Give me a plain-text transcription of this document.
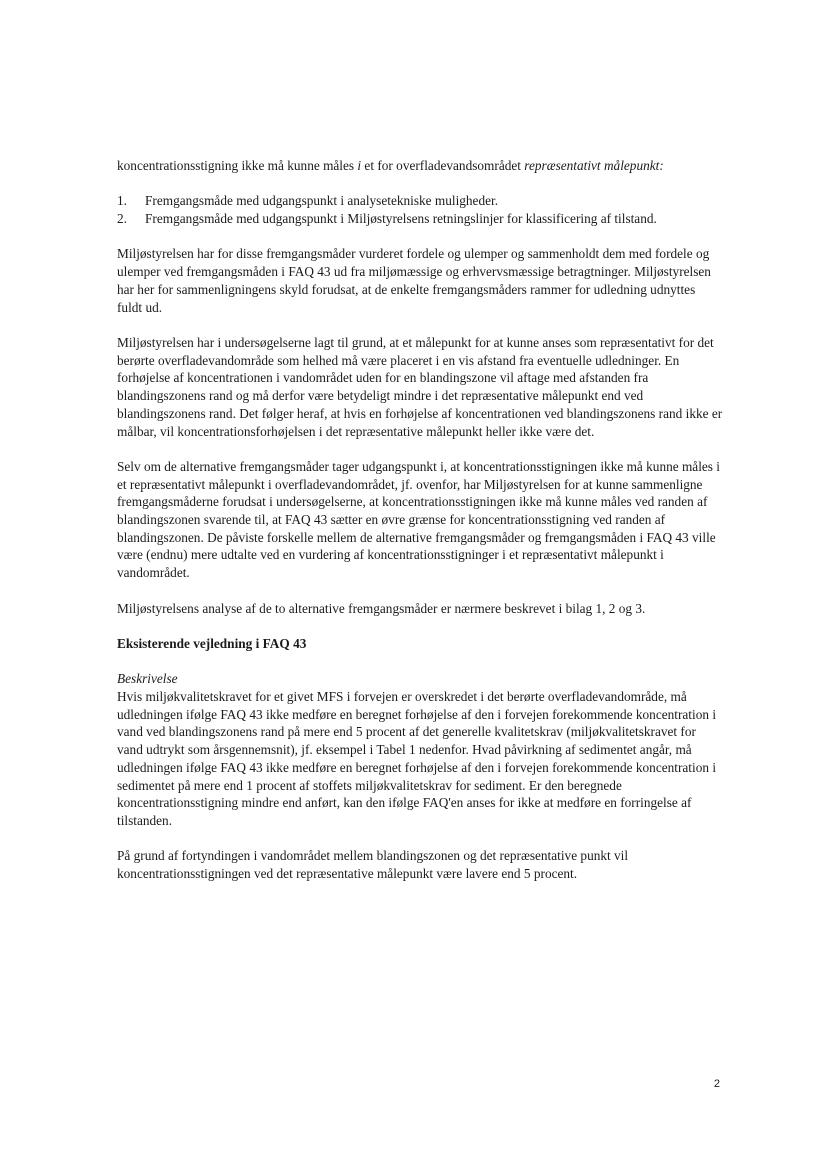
koncentrationsstigning ikke må kunne måles i et for overfladevandsområdet repræsentativt målepunkt:

1.	Fremgangsmåde med udgangspunkt i analysetekniske muligheder.
2.	Fremgangsmåde med udgangspunkt i Miljøstyrelsens retningslinjer for klassificering af tilstand.

Miljøstyrelsen har for disse fremgangsmåder vurderet fordele og ulemper og sammenholdt dem med fordele og ulemper ved fremgangsmåden i FAQ 43 ud fra miljømæssige og erhvervsmæssige betragtninger. Miljøstyrelsen har her for sammenligningens skyld forudsat, at de enkelte fremgangsmåders rammer for udledning udnyttes fuldt ud.

Miljøstyrelsen har i undersøgelserne lagt til grund, at et målepunkt for at kunne anses som repræsentativt for det berørte overfladevandområde som helhed må være placeret i en vis afstand fra eventuelle udledninger. En forhøjelse af koncentrationen i vandområdet uden for en blandingszone vil aftage med afstanden fra blandingszonens rand og må derfor være betydeligt mindre i det repræsentative målepunkt end ved blandingszonens rand. Det følger heraf, at hvis en forhøjelse af koncentrationen ved blandingszonens rand ikke er målbar, vil koncentrationsforhøjelsen i det repræsentative målepunkt heller ikke være det.

Selv om de alternative fremgangsmåder tager udgangspunkt i, at koncentrationsstigningen ikke må kunne måles i et repræsentativt målepunkt i overfladevandområdet, jf. ovenfor, har Miljøstyrelsen for at kunne sammenligne fremgangsmåderne forudsat i undersøgelserne, at koncentrationsstigningen ikke må kunne måles ved randen af blandingszonen svarende til, at FAQ 43 sætter en øvre grænse for koncentrationsstigning ved randen af blandingszonen. De påviste forskelle mellem de alternative fremgangsmåder og fremgangsmåden i FAQ 43 ville være (endnu) mere udtalte ved en vurdering af koncentrationsstigninger i et repræsentativt målepunkt i vandområdet.

Miljøstyrelsens analyse af de to alternative fremgangsmåder er nærmere beskrevet i bilag 1, 2 og 3.

Eksisterende vejledning i FAQ 43

Beskrivelse

Hvis miljøkvalitetskravet for et givet MFS i forvejen er overskredet i det berørte overfladevandområde, må udledningen ifølge FAQ 43 ikke medføre en beregnet forhøjelse af den i forvejen forekommende koncentration i vand ved blandingszonens rand på mere end 5 procent af det generelle kvalitetskrav (miljøkvalitetskravet for vand udtrykt som årsgennemsnit), jf. eksempel i Tabel 1 nedenfor. Hvad påvirkning af sedimentet angår, må udledningen ifølge FAQ 43 ikke medføre en beregnet forhøjelse af den i forvejen forekommende koncentration i sedimentet på mere end 1 procent af stoffets miljøkvalitetskrav for sediment. Er den beregnede koncentrationsstigning mindre end anført, kan den ifølge FAQ'en anses for ikke at medføre en forringelse af tilstanden.

På grund af fortyndingen i vandområdet mellem blandingszonen og det repræsentative punkt vil koncentrationsstigningen ved det repræsentative målepunkt være lavere end 5 procent.

2
